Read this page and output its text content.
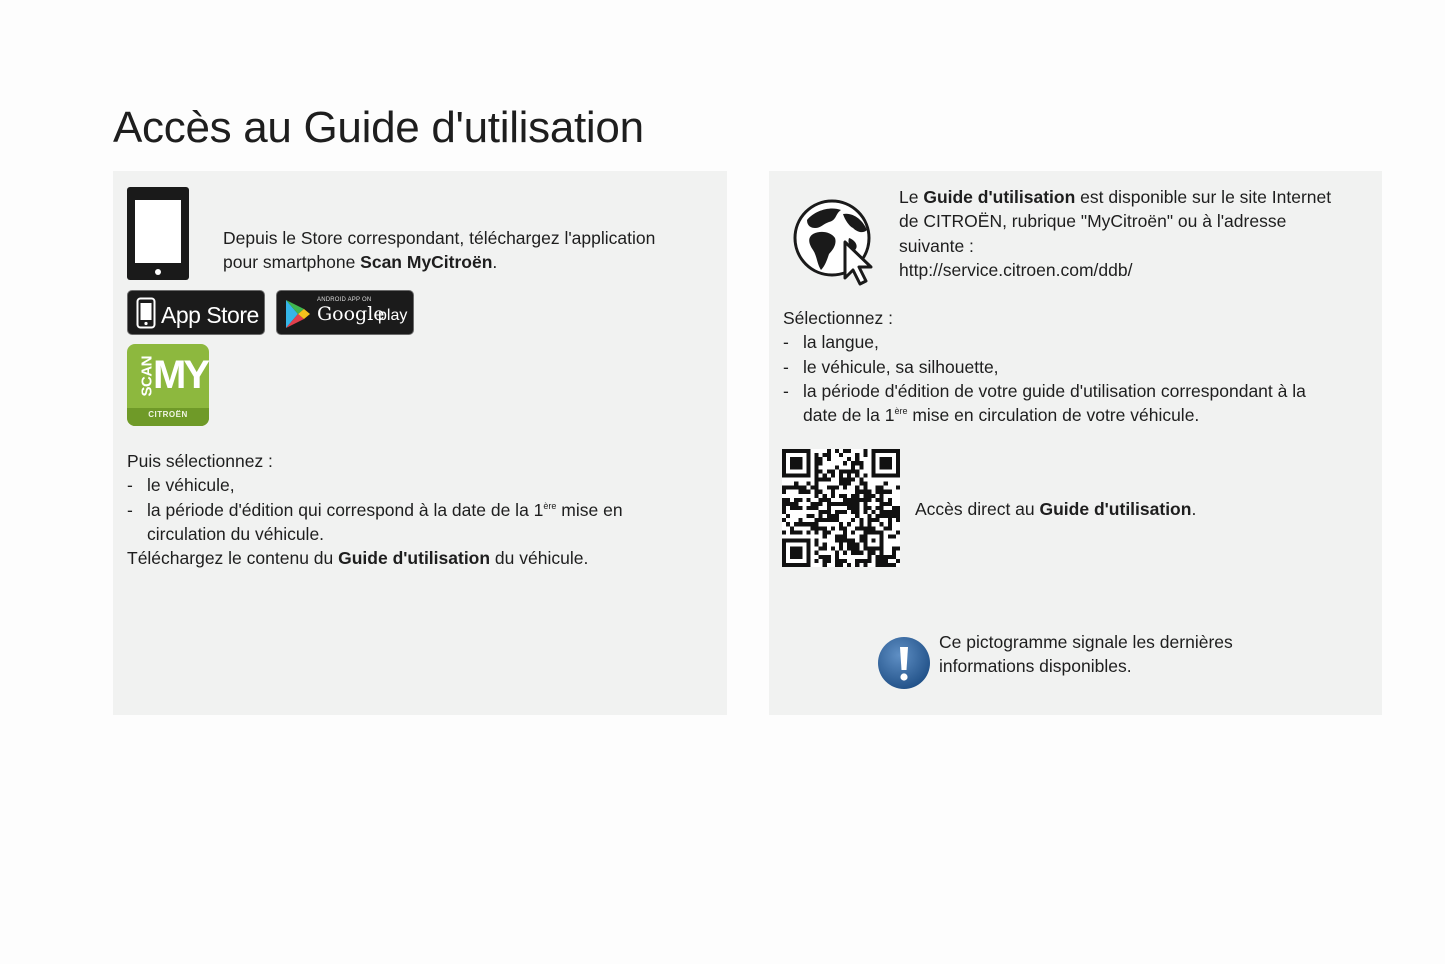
Accès au Guide d'utilisation
Depuis le Store correspondant, téléchargez l'application
pour smartphone Scan MyCitroën.
App Store
ANDROID APP ON
Google
play
SCAN
MY
CITROËN
Puis sélectionnez :
- le véhicule,
- la période d'édition qui correspond à la date de la 1ère mise en
circulation du véhicule.
Téléchargez le contenu du Guide d'utilisation du véhicule.
Le Guide d'utilisation est disponible sur le site Internet
de CITROËN, rubrique "MyCitroën" ou à l'adresse
suivante :
http://service.citroen.com/ddb/
Sélectionnez :
- la langue,
- le véhicule, sa silhouette,
- la période d'édition de votre guide d'utilisation correspondant à la
date de la 1ère mise en circulation de votre véhicule.
Accès direct au Guide d'utilisation.
Ce pictogramme signale les dernières
informations disponibles.
